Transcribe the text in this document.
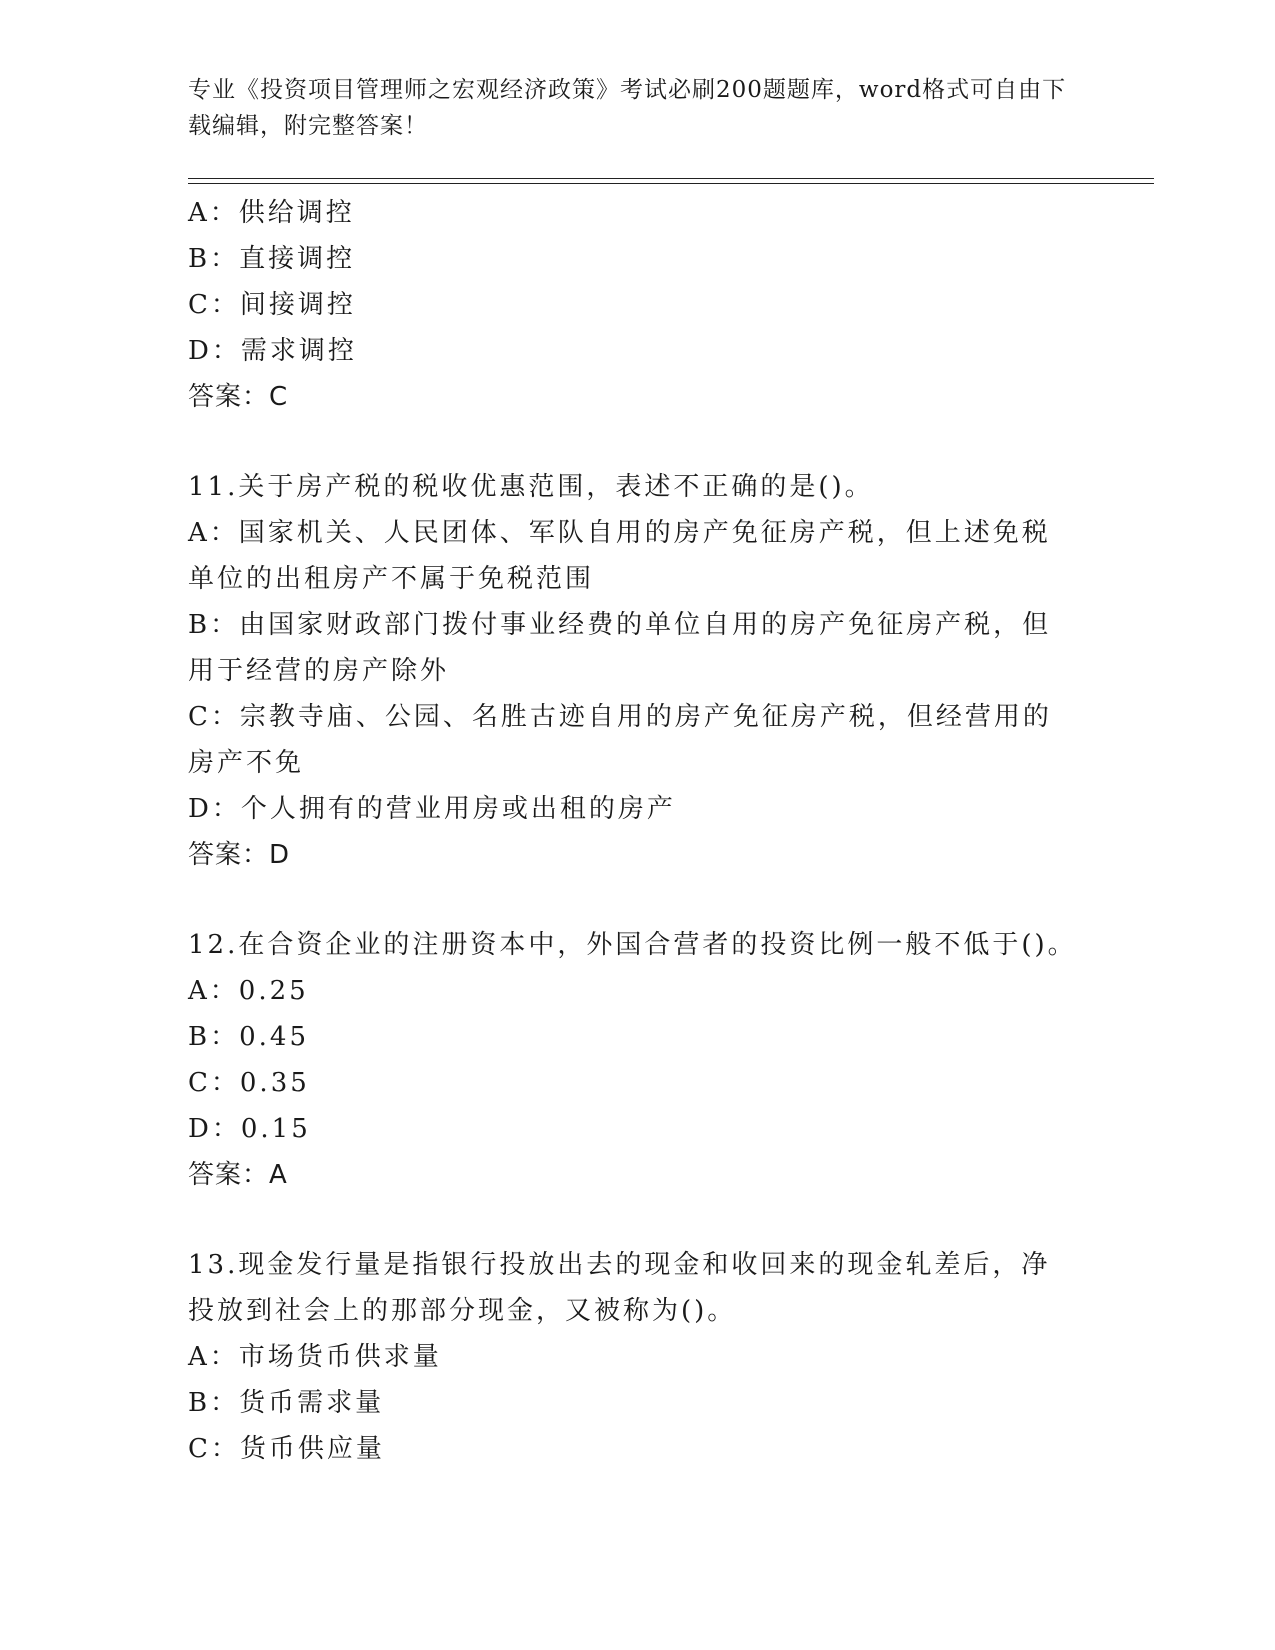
专业《投资项目管理师之宏观经济政策》考试必刷200题题库，word格式可自由下载编辑，附完整答案！
A：供给调控
B：直接调控
C：间接调控
D：需求调控
答案：C
11.关于房产税的税收优惠范围，表述不正确的是()。
A：国家机关、人民团体、军队自用的房产免征房产税，但上述免税单位的出租房产不属于免税范围
B：由国家财政部门拨付事业经费的单位自用的房产免征房产税，但用于经营的房产除外
C：宗教寺庙、公园、名胜古迹自用的房产免征房产税，但经营用的房产不免
D：个人拥有的营业用房或出租的房产
答案：D
12.在合资企业的注册资本中，外国合营者的投资比例一般不低于()。
A：0.25
B：0.45
C：0.35
D：0.15
答案：A
13.现金发行量是指银行投放出去的现金和收回来的现金轧差后，净投放到社会上的那部分现金，又被称为()。
A：市场货币供求量
B：货币需求量
C：货币供应量
